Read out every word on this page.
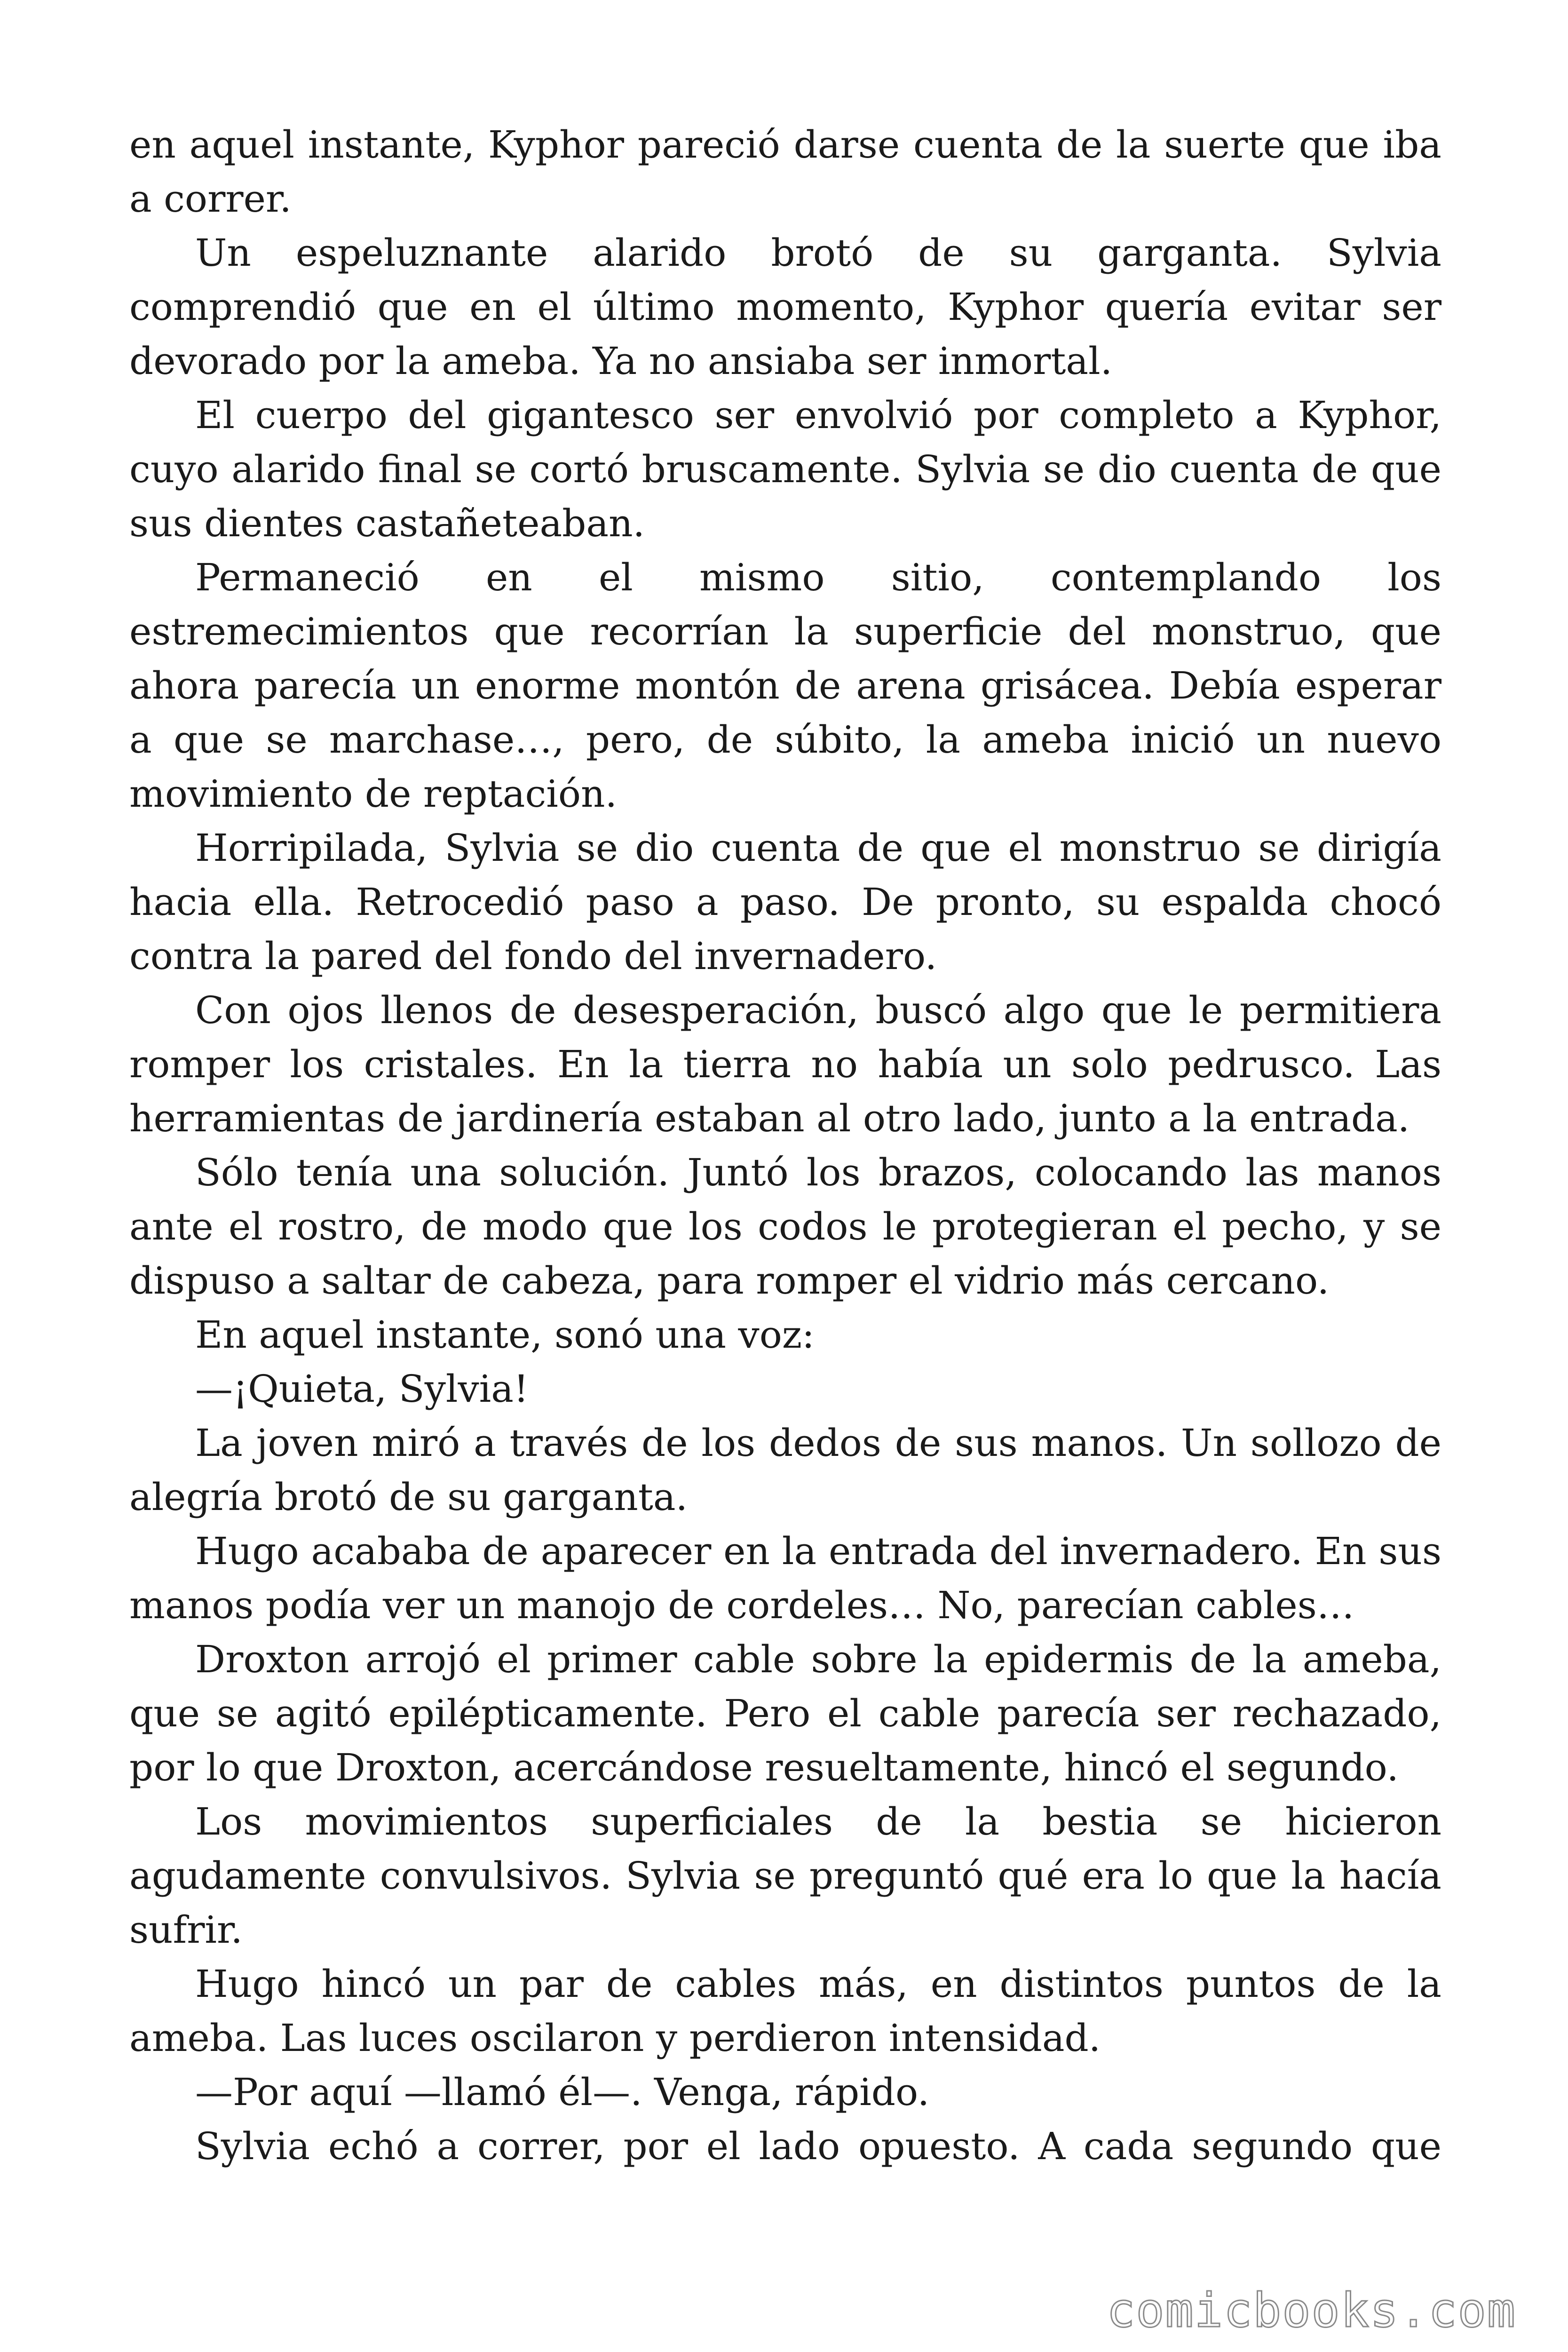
en aquel instante, Kyphor pareció darse cuenta de la suerte que iba a correr.

Un espeluznante alarido brotó de su garganta. Sylvia comprendió que en el último momento, Kyphor quería evitar ser devorado por la ameba. Ya no ansiaba ser inmortal.

El cuerpo del gigantesco ser envolvió por completo a Kyphor, cuyo alarido final se cortó bruscamente. Sylvia se dio cuenta de que sus dientes castañeteaban.

Permaneció en el mismo sitio, contemplando los estremecimientos que recorrían la superficie del monstruo, que ahora parecía un enorme montón de arena grisácea. Debía esperar a que se marchase…, pero, de súbito, la ameba inició un nuevo movimiento de reptación.

Horripilada, Sylvia se dio cuenta de que el monstruo se dirigía hacia ella. Retrocedió paso a paso. De pronto, su espalda chocó contra la pared del fondo del invernadero.

Con ojos llenos de desesperación, buscó algo que le permitiera romper los cristales. En la tierra no había un solo pedrusco. Las herramientas de jardinería estaban al otro lado, junto a la entrada.

Sólo tenía una solución. Juntó los brazos, colocando las manos ante el rostro, de modo que los codos le protegieran el pecho, y se dispuso a saltar de cabeza, para romper el vidrio más cercano.

En aquel instante, sonó una voz:

—¡Quieta, Sylvia!

La joven miró a través de los dedos de sus manos. Un sollozo de alegría brotó de su garganta.

Hugo acababa de aparecer en la entrada del invernadero. En sus manos podía ver un manojo de cordeles… No, parecían cables…

Droxton arrojó el primer cable sobre la epidermis de la ameba, que se agitó epilépticamente. Pero el cable parecía ser rechazado, por lo que Droxton, acercándose resueltamente, hincó el segundo.

Los movimientos superficiales de la bestia se hicieron agudamente convulsivos. Sylvia se preguntó qué era lo que la hacía sufrir.

Hugo hincó un par de cables más, en distintos puntos de la ameba. Las luces oscilaron y perdieron intensidad.

—Por aquí —llamó él—. Venga, rápido.

Sylvia echó a correr, por el lado opuesto. A cada segundo que

comicbooks.com
